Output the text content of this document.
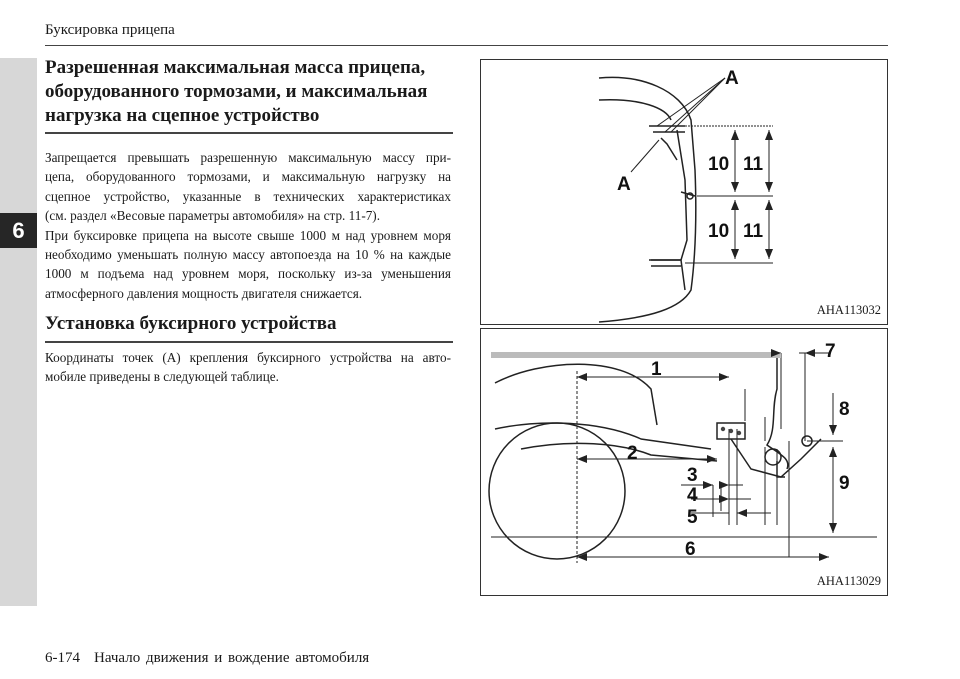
6
Буксировка прицепа
Разрешенная максимальная масса прицепа,
оборудованного тормозами, и максимальная
нагрузка на сцепное устройство
Запрещается превышать разрешенную максимальную массу при-
цепа, оборудованного тормозами, и максимальную нагрузку на
сцепное устройство, указанные в технических характеристиках
(см. раздел «Весовые параметры автомобиля» на стр. 11-7).
При буксировке прицепа на высоте свыше 1000 м над уровнем моря
необходимо уменьшать полную массу автопоезда на 10 % на каждые
1000 м подъема над уровнем моря, поскольку из-за уменьшения
атмосферного давления мощность двигателя снижается.
Установка буксирного устройства
Координаты точек (A) крепления буксирного устройства на авто-
мобиле приведены в следующей таблице.
A
A
10 11
10 11
AHA113032
1
2
3
4
5
6
7
8
9
AHA113029
6-174 Начало движения и вождение автомобиля
